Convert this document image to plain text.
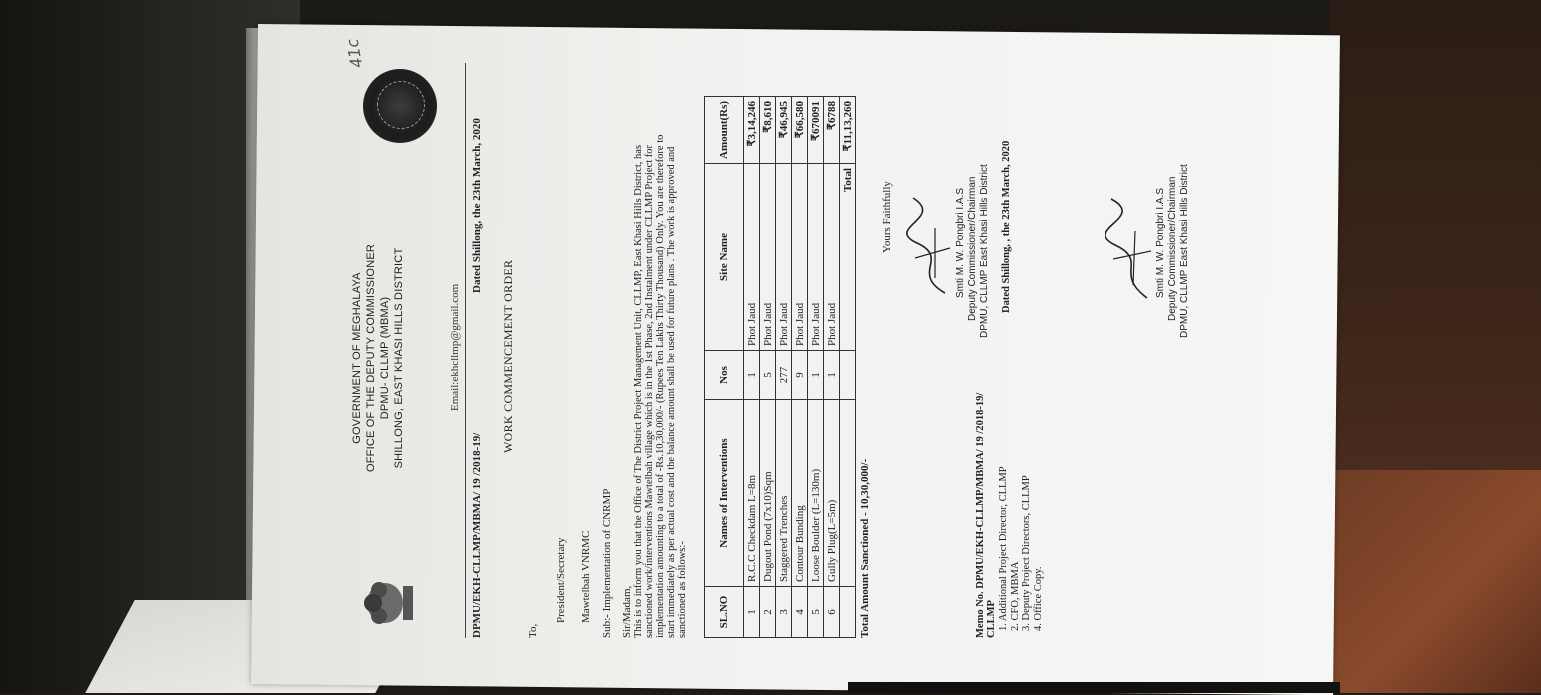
41c
GOVERNMENT OF MEGHALAYA OFFICE OF THE DEPUTY COMMISSIONER DPMU- CLLMP (MBMA) SHILLONG, EAST KHASI HILLS DISTRICT	Email:ekhcllmp@gmail.com
DPMU/EKH-CLLMP/MBMA/ 19 /2018-19/
Dated Shillong, the 23th March, 2020
WORK COMMENCEMENT ORDER
To,
President/Secretary Mawtelbah VNRMC Sub:- Implementation of CNRMP Sir/Madam, This is to inform you that the Office of The District Project Management Unit, CLLMP, East Khasi Hills District, has sanctioned work/interventions Mawtelbah village which is in the 1st Phase, 2nd Instalment under CLLMP Project for implementation amounting to a total of -Rs.10,30,000/- (Rupees Ten Lakhs Thirty Thousand) Only. You are therefore to start immediately as per actual cost and the balance amount shall be used for future plans . The work is approved and sanctioned as follows:-	SL.NO	Names of Interventions	Nos	Site Name	Amount(Rs)
1	R.C.C Checkdam L=8m	1	Phot Jaud	₹3,14,246
2	Dugout Pond (7x10)Sqm	5	Phot Jaud	₹8,610
3	Staggered Trenches	277	Phot Jaud	₹46,945
4	Contour Bunding	9	Phot Jaud	₹66,580
5	Loose Boulder (L=130m)	1	Phot Jaud	₹670091
6	Gully Plug(L=5m)	1	Phot Jaud	₹6788
			Total	₹11,13,260
Total Amount Sanctioned - 10,30,000/-
Yours Faithfully	Smti M. W. Pongbri I.A.S Deputy Commissioner/Chairman DPMU, CLLMP East Khasi Hills District
Memo No. DPMU/EKH-CLLMP/MBMA/ 19 /2018-19/ CLLMP
Dated Shillong, , the 23th March, 2020
1. Additional Project Director, CLLMP 2. CFO, MBMA 3. Deputy Project Directors, CLLMP 4. Office Copy.
Smti M. W. Pongbri I.A.S Deputy Commissioner/Chairman DPMU, CLLMP East Khasi Hills District
